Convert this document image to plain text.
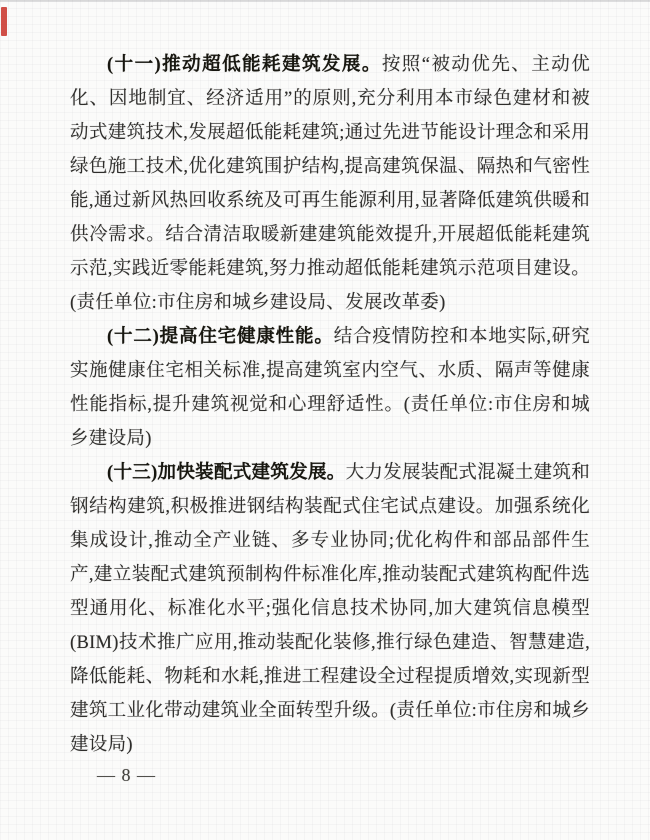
(十一)推动超低能耗建筑发展。按照“被动优先、主动优化、因地制宜、经济适用”的原则,充分利用本市绿色建材和被动式建筑技术,发展超低能耗建筑;通过先进节能设计理念和采用绿色施工技术,优化建筑围护结构,提高建筑保温、隔热和气密性能,通过新风热回收系统及可再生能源利用,显著降低建筑供暖和供冷需求。结合清洁取暖新建建筑能效提升,开展超低能耗建筑示范,实践近零能耗建筑,努力推动超低能耗建筑示范项目建设。(责任单位:市住房和城乡建设局、发展改革委)

(十二)提高住宅健康性能。结合疫情防控和本地实际,研究实施健康住宅相关标准,提高建筑室内空气、水质、隔声等健康性能指标,提升建筑视觉和心理舒适性。(责任单位:市住房和城乡建设局)

(十三)加快装配式建筑发展。大力发展装配式混凝土建筑和钢结构建筑,积极推进钢结构装配式住宅试点建设。加强系统化集成设计,推动全产业链、多专业协同;优化构件和部品部件生产,建立装配式建筑预制构件标准化库,推动装配式建筑构配件选型通用化、标准化水平;强化信息技术协同,加大建筑信息模型(BIM)技术推广应用,推动装配化装修,推行绿色建造、智慧建造,降低能耗、物耗和水耗,推进工程建设全过程提质增效,实现新型建筑工业化带动建筑业全面转型升级。(责任单位:市住房和城乡建设局)

— 8 —
